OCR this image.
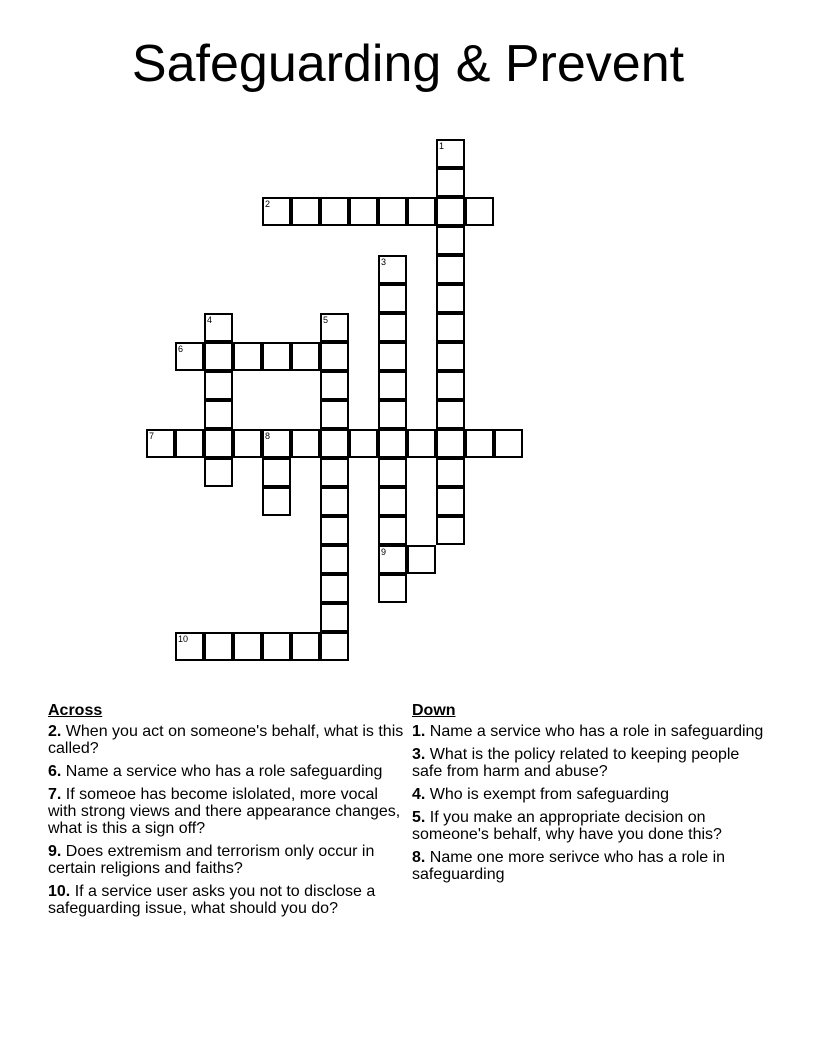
Safeguarding & Prevent
1
2
3
9
4	5
6
7	8
10
Across
2. When you act on someone's behalf, what is this called?
6. Name a service who has a role safeguarding
7. If someoe has become islolated, more vocal with strong views and there appearance changes, what is this a sign off?
9. Does extremism and terrorism only occur in certain religions and faiths?
10. If a service user asks you not to disclose a safeguarding issue, what should you do?
Down
1. Name a service who has a role in safeguarding
3. What is the policy related to keeping people safe from harm and abuse?
4. Who is exempt from safeguarding
5. If you make an appropriate decision on someone's behalf, why have you done this?
8. Name one more serivce who has a role in safeguarding
